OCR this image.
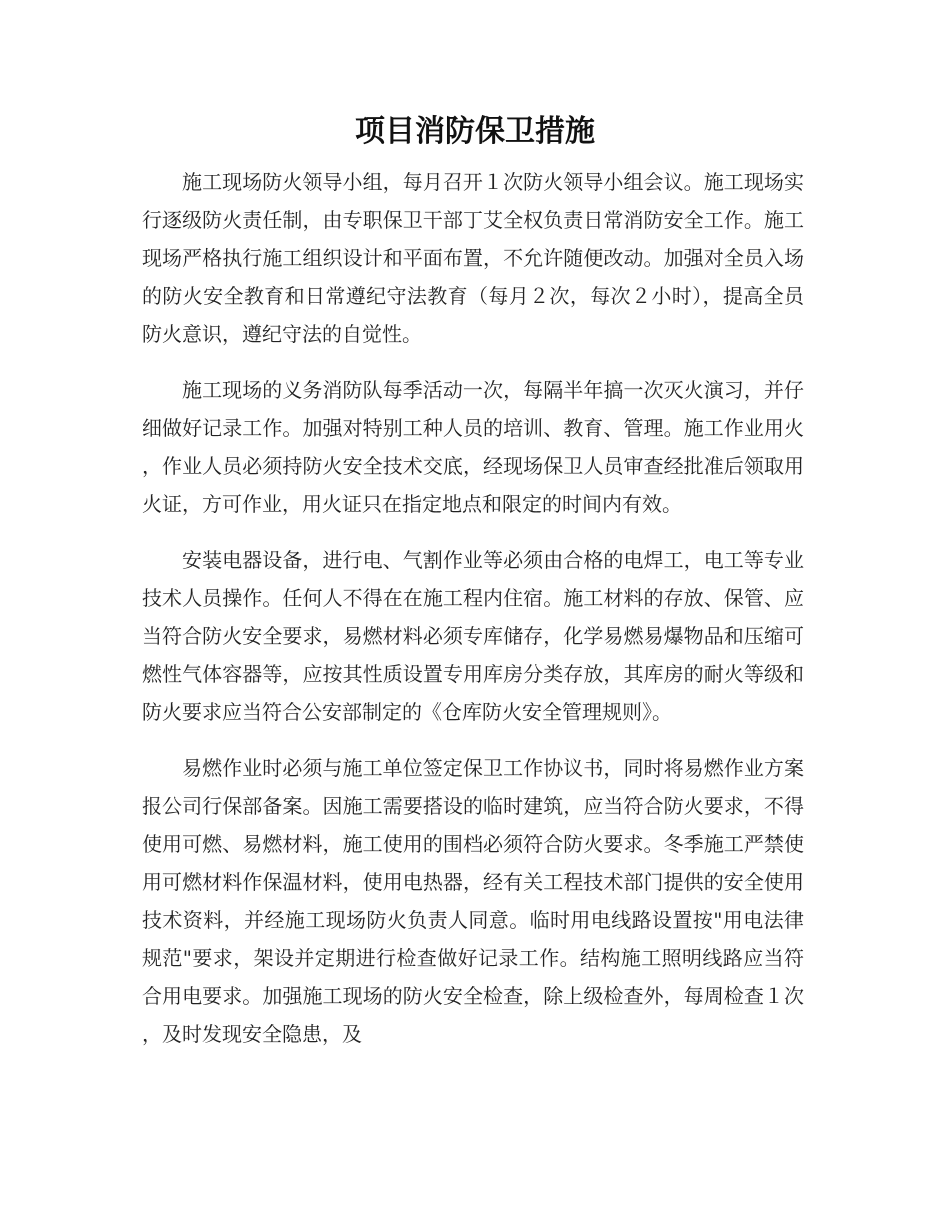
项目消防保卫措施

施工现场防火领导小组，每月召开１次防火领导小组会议。施工现场实行逐级防火责任制，由专职保卫干部丁艾全权负责日常消防安全工作。施工现场严格执行施工组织设计和平面布置，不允许随便改动。加强对全员入场的防火安全教育和日常遵纪守法教育（每月２次，每次２小时），提高全员防火意识，遵纪守法的自觉性。

施工现场的义务消防队每季活动一次，每隔半年搞一次灭火演习，并仔细做好记录工作。加强对特别工种人员的培训、教育、管理。施工作业用火，作业人员必须持防火安全技术交底，经现场保卫人员审查经批准后领取用火证，方可作业，用火证只在指定地点和限定的时间内有效。

安装电器设备，进行电、气割作业等必须由合格的电焊工，电工等专业技术人员操作。任何人不得在在施工程内住宿。施工材料的存放、保管、应当符合防火安全要求，易燃材料必须专库储存，化学易燃易爆物品和压缩可燃性气体容器等，应按其性质设置专用库房分类存放，其库房的耐火等级和防火要求应当符合公安部制定的《仓库防火安全管理规则》。

易燃作业时必须与施工单位签定保卫工作协议书，同时将易燃作业方案报公司行保部备案。因施工需要搭设的临时建筑，应当符合防火要求，不得使用可燃、易燃材料，施工使用的围档必须符合防火要求。冬季施工严禁使用可燃材料作保温材料，使用电热器，经有关工程技术部门提供的安全使用技术资料，并经施工现场防火负责人同意。临时用电线路设置按"用电法律规范"要求，架设并定期进行检查做好记录工作。结构施工照明线路应当符合用电要求。加强施工现场的防火安全检查，除上级检查外，每周检查１次，及时发现安全隐患，及
